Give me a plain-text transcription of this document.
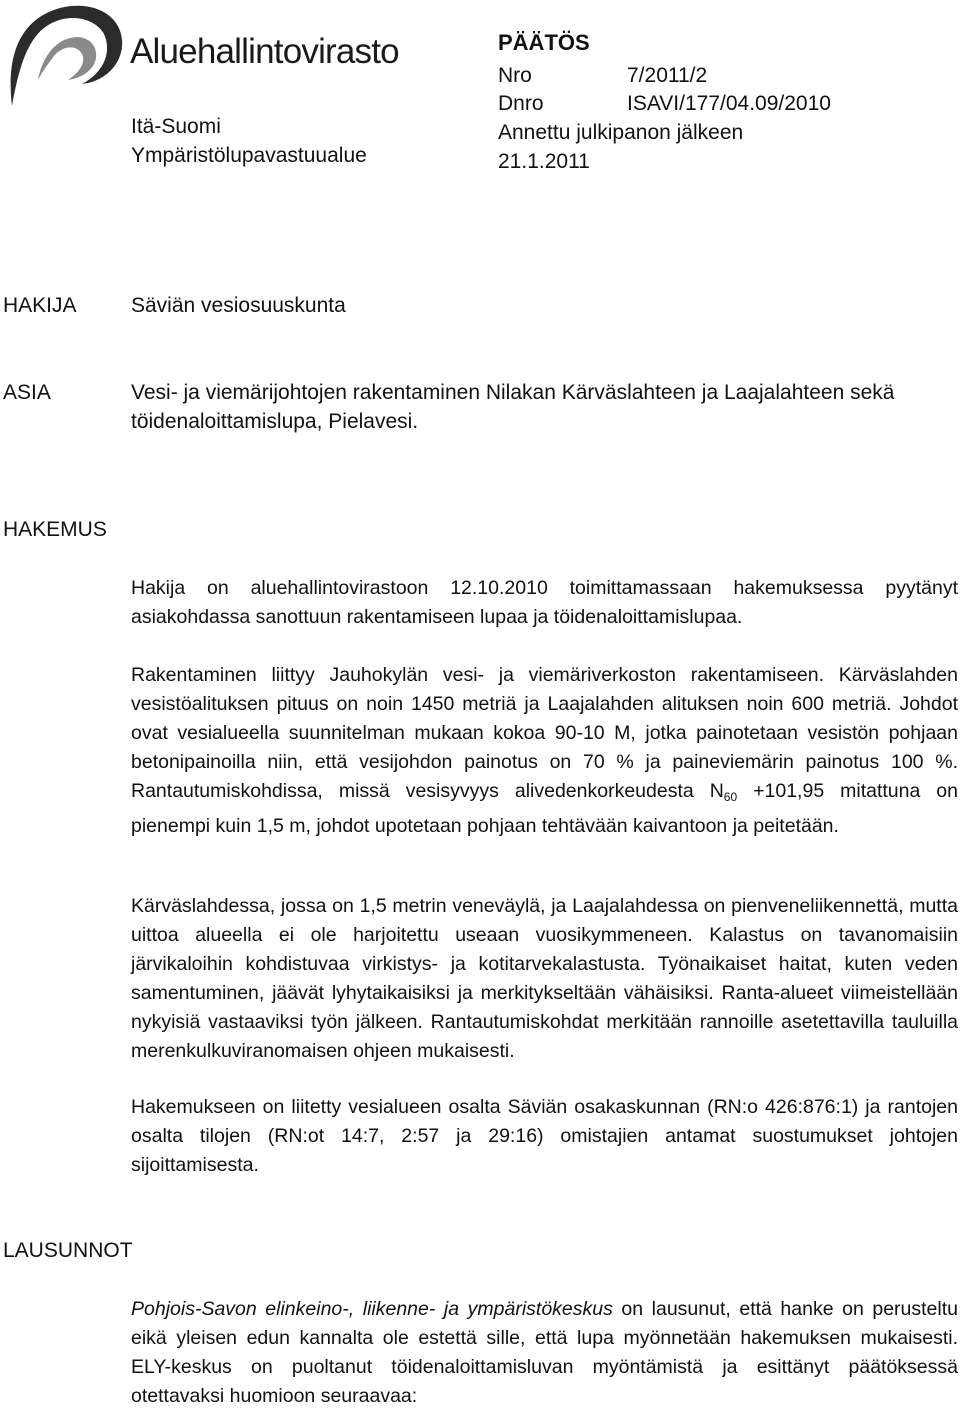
Aluehallintovirasto
Itä-Suomi
Ympäristölupavastuualue
PÄÄTÖS
Nro	7/2011/2
Dnro	ISAVI/177/04.09/2010
Annettu julkipanon jälkeen
21.1.2011
HAKIJA	Säviän vesiosuuskunta
ASIA	Vesi- ja viemärijohtojen rakentaminen Nilakan Kärväslahteen ja Laajalahteen sekä töidenaloittamislupa, Pielavesi.
HAKEMUS

Hakija on aluehallintovirastoon 12.10.2010 toimittamassaan hakemuksessa pyytänyt asiakohdassa sanottuun rakentamiseen lupaa ja töidenaloittamislupaa.

Rakentaminen liittyy Jauhokylän vesi- ja viemäriverkoston rakentamiseen. Kärväslahden vesistöalituksen pituus on noin 1450 metriä ja Laajalahden alituksen noin 600 metriä. Johdot ovat vesialueella suunnitelman mukaan kokoa 90-10 M, jotka painotetaan vesistön pohjaan betonipainoilla niin, että vesijohdon painotus on 70 % ja paineviemärin painotus 100 %. Rantautumiskohdissa, missä vesisyvyys alivedenkorkeudesta $N_{60} +101,95$ mitattuna on pienempi kuin 1,5 m, johdot upotetaan pohjaan tehtävään kaivantoon ja peitetään.

Kärväslahdessa, jossa on 1,5 metrin veneväylä, ja Laajalahdessa on pienveneliikennettä, mutta uittoa alueella ei ole harjoitettu useaan vuosikymmeneen. Kalastus on tavanomaisiin järvikaloihin kohdistuvaa virkistys- ja kotitarvekalastusta. Työnaikaiset haitat, kuten veden samentuminen, jäävät lyhytaikaisiksi ja merkitykseltään vähäisiksi. Ranta-alueet viimeistellään nykyisiä vastaaviksi työn jälkeen. Rantautumiskohdat merkitään rannoille asetettavilla tauluilla merenkulkuviranomaisen ohjeen mukaisesti.

Hakemukseen on liitetty vesialueen osalta Säviän osakaskunnan (RN:o 426:876:1) ja rantojen osalta tilojen (RN:ot 14:7, 2:57 ja 29:16) omistajien antamat suostumukset johtojen sijoittamisesta.

LAUSUNNOT

Pohjois-Savon elinkeino-, liikenne- ja ympäristökeskus on lausunut, että hanke on perusteltu eikä yleisen edun kannalta ole estettä sille, että lupa myönnetään hakemuksen mukaisesti. ELY-keskus on puoltanut töidenaloittamisluvan myöntämistä ja esittänyt päätöksessä otettavaksi huomioon seuraavaa:
